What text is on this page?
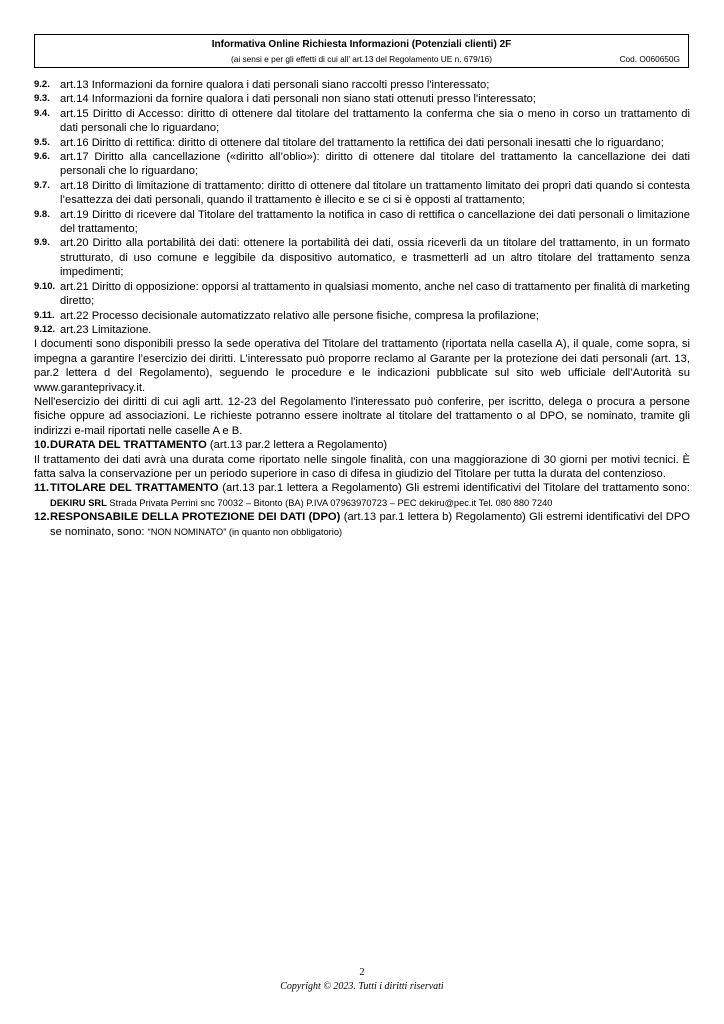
Informativa Online Richiesta Informazioni (Potenziali clienti) 2F
(ai sensi e per gli effetti di cui all’ art.13 del Regolamento UE n. 679/16)	Cod. O060650G
9.2. art.13 Informazioni da fornire qualora i dati personali siano raccolti presso l'interessato;
9.3. art.14 Informazioni da fornire qualora i dati personali non siano stati ottenuti presso l'interessato;
9.4. art.15 Diritto di Accesso: diritto di ottenere dal titolare del trattamento la conferma che sia o meno in corso un trattamento di dati personali che lo riguardano;
9.5. art.16 Diritto di rettifica: diritto di ottenere dal titolare del trattamento la rettifica dei dati personali inesatti che lo riguardano;
9.6. art.17 Diritto alla cancellazione («diritto all’oblio»): diritto di ottenere dal titolare del trattamento la cancellazione dei dati personali che lo riguardano;
9.7. art.18 Diritto di limitazione di trattamento: diritto di ottenere dal titolare un trattamento limitato dei propri dati quando si contesta l’esattezza dei dati personali, quando il trattamento è illecito e se ci si è opposti al trattamento;
9.8. art.19 Diritto di ricevere dal Titolare del trattamento la notifica in caso di rettifica o cancellazione dei dati personali o limitazione del trattamento;
9.9. art.20 Diritto alla portabilità dei dati: ottenere la portabilità dei dati, ossia riceverli da un titolare del trattamento, in un formato strutturato, di uso comune e leggibile da dispositivo automatico, e trasmetterli ad un altro titolare del trattamento senza impedimenti;
9.10. art.21 Diritto di opposizione: opporsi al trattamento in qualsiasi momento, anche nel caso di trattamento per finalità di marketing diretto;
9.11. art.22 Processo decisionale automatizzato relativo alle persone fisiche, compresa la profilazione;
9.12. art.23 Limitazione.
I documenti sono disponibili presso la sede operativa del Titolare del trattamento (riportata nella casella A), il quale, come sopra, si impegna a garantire l’esercizio dei diritti. L’interessato può proporre reclamo al Garante per la protezione dei dati personali (art. 13, par.2 lettera d del Regolamento), seguendo le procedure e le indicazioni pubblicate sul sito web ufficiale dell’Autorità su www.garanteprivacy.it.
Nell'esercizio dei diritti di cui agli artt. 12-23 del Regolamento l'interessato può conferire, per iscritto, delega o procura a persone fisiche oppure ad associazioni. Le richieste potranno essere inoltrate al titolare del trattamento o al DPO, se nominato, tramite gli indirizzi e-mail riportati nelle caselle A e B.
10. DURATA DEL TRATTAMENTO (art.13 par.2 lettera a Regolamento)
Il trattamento dei dati avrà una durata come riportato nelle singole finalità, con una maggiorazione di 30 giorni per motivi tecnici. È fatta salva la conservazione per un periodo superiore in caso di difesa in giudizio del Titolare per tutta la durata del contenzioso.
11. TITOLARE DEL TRATTAMENTO (art.13 par.1 lettera a Regolamento) Gli estremi identificativi del Titolare del trattamento sono: DEKIRU SRL Strada Privata Perrini snc 70032 – Bitonto (BA) P.IVA 07963970723 – PEC dekiru@pec.it Tel. 080 880 7240
12. RESPONSABILE DELLA PROTEZIONE DEI DATI (DPO) (art.13 par.1 lettera b) Regolamento) Gli estremi identificativi del DPO se nominato, sono: “NON NOMINATO” (in quanto non obbligatorio)
2
Copyright © 2023. Tutti i diritti riservati
